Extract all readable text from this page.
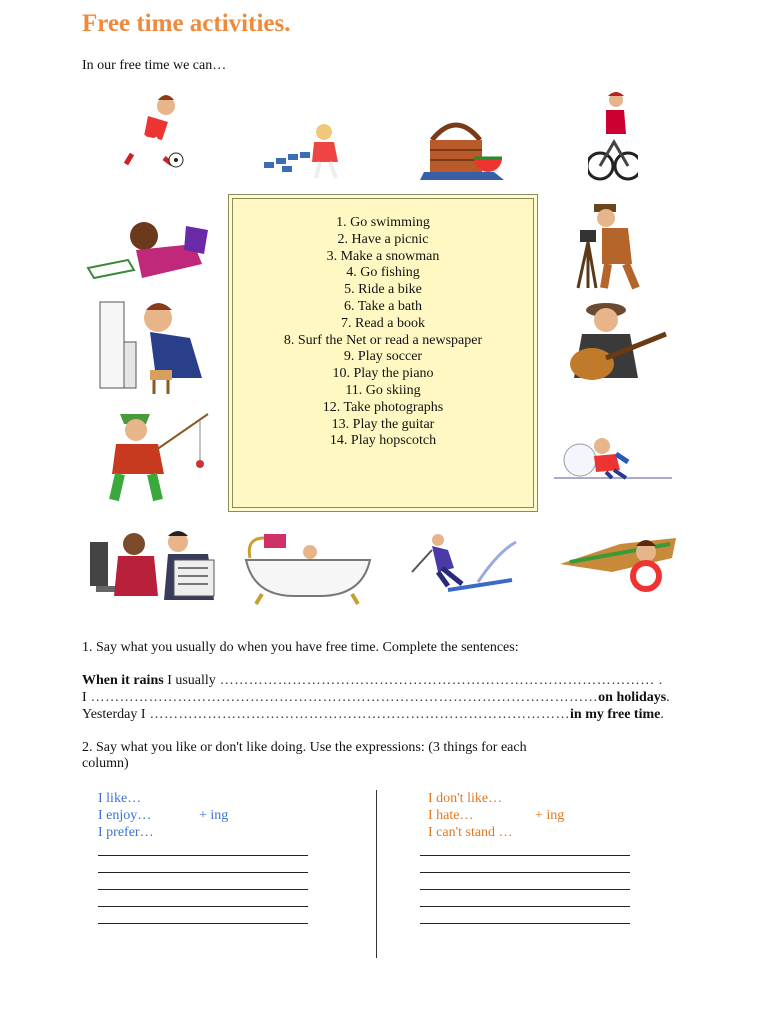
Free time activities.
In our free time we can…
1. Go swimming
2. Have a picnic
3. Make a snowman
4. Go fishing
5. Ride a bike
6. Take a bath
7. Read a book
8. Surf the Net or read a newspaper
9. Play soccer
10. Play the piano
11. Go skiing
12. Take photographs
13. Play the guitar
14. Play hopscotch
1. Say what you usually do when you have free time. Complete the sentences:
When it rains I usually ……………………………………………………………………………… .
I ……………………………………………………………………………………………on holidays.
Yesterday I ……………………………………………………………………………in my free time.
2. Say what you like or don't like doing. Use the expressions: (3 things for each
column)
I like…
I enjoy…
I prefer…
+ ing
I don't like…
I hate…
I can't stand …
+ ing
